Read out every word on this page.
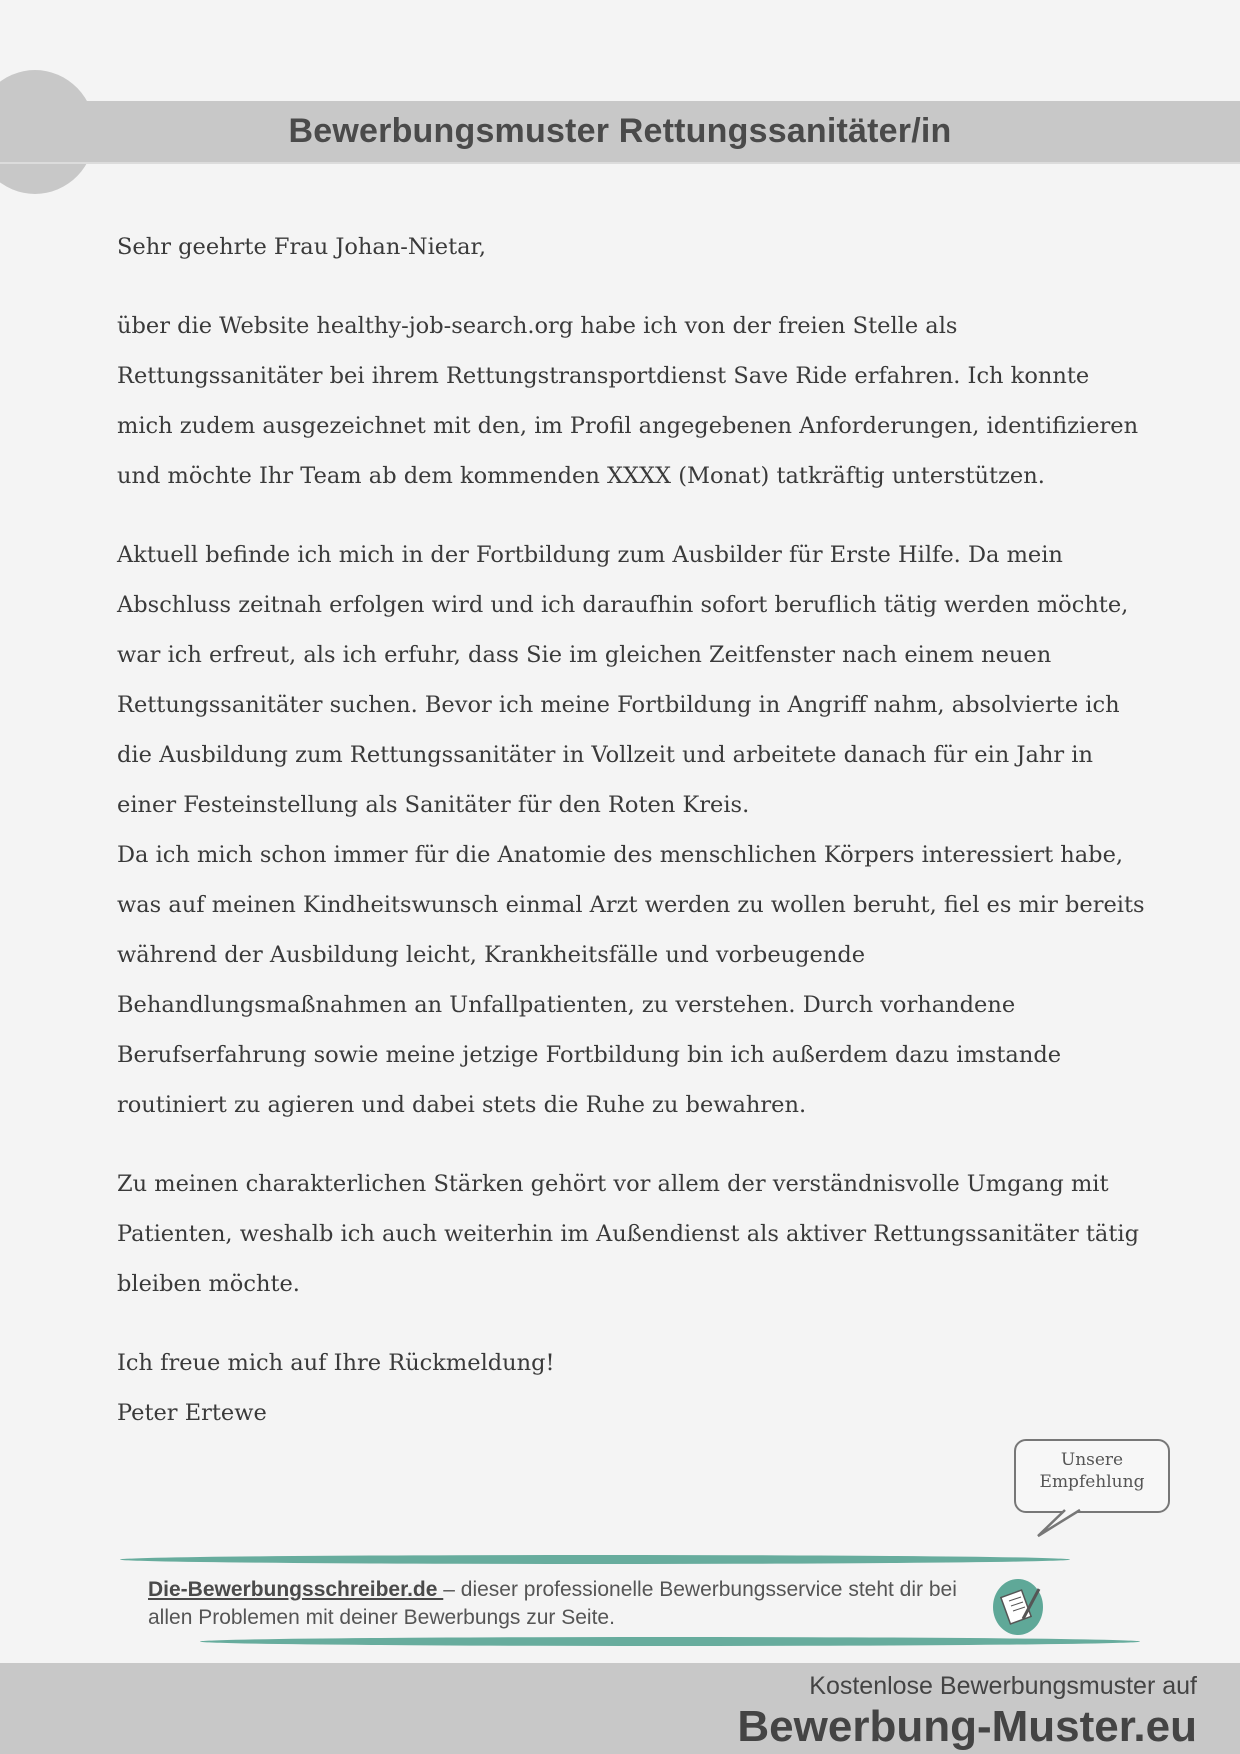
Bewerbungsmuster Rettungssanitäter/in

Sehr geehrte Frau Johan-Nietar,

über die Website healthy-job-search.org habe ich von der freien Stelle als Rettungssanitäter bei ihrem Rettungstransportdienst Save Ride erfahren. Ich konnte mich zudem ausgezeichnet mit den, im Profil angegebenen Anforderungen, identifizieren und möchte Ihr Team ab dem kommenden XXXX (Monat) tatkräftig unterstützen.

Aktuell befinde ich mich in der Fortbildung zum Ausbilder für Erste Hilfe. Da mein Abschluss zeitnah erfolgen wird und ich daraufhin sofort beruflich tätig werden möchte, war ich erfreut, als ich erfuhr, dass Sie im gleichen Zeitfenster nach einem neuen Rettungssanitäter suchen. Bevor ich meine Fortbildung in Angriff nahm, absolvierte ich die Ausbildung zum Rettungssanitäter in Vollzeit und arbeitete danach für ein Jahr in einer Festeinstellung als Sanitäter für den Roten Kreis.

Da ich mich schon immer für die Anatomie des menschlichen Körpers interessiert habe, was auf meinen Kindheitswunsch einmal Arzt werden zu wollen beruht, fiel es mir bereits während der Ausbildung leicht, Krankheitsfälle und vorbeugende Behandlungsmaßnahmen an Unfallpatienten, zu verstehen. Durch vorhandene Berufserfahrung sowie meine jetzige Fortbildung bin ich außerdem dazu imstande routiniert zu agieren und dabei stets die Ruhe zu bewahren.

Zu meinen charakterlichen Stärken gehört vor allem der verständnisvolle Umgang mit Patienten, weshalb ich auch weiterhin im Außendienst als aktiver Rettungssanitäter tätig bleiben möchte.

Ich freue mich auf Ihre Rückmeldung!

Peter Ertewe

Unsere
Empfehlung
Die-Bewerbungsschreiber.de – dieser professionelle Bewerbungsservice steht dir bei allen Problemen mit deiner Bewerbungs zur Seite.
Kostenlose Bewerbungsmuster auf
Bewerbung-Muster.eu
